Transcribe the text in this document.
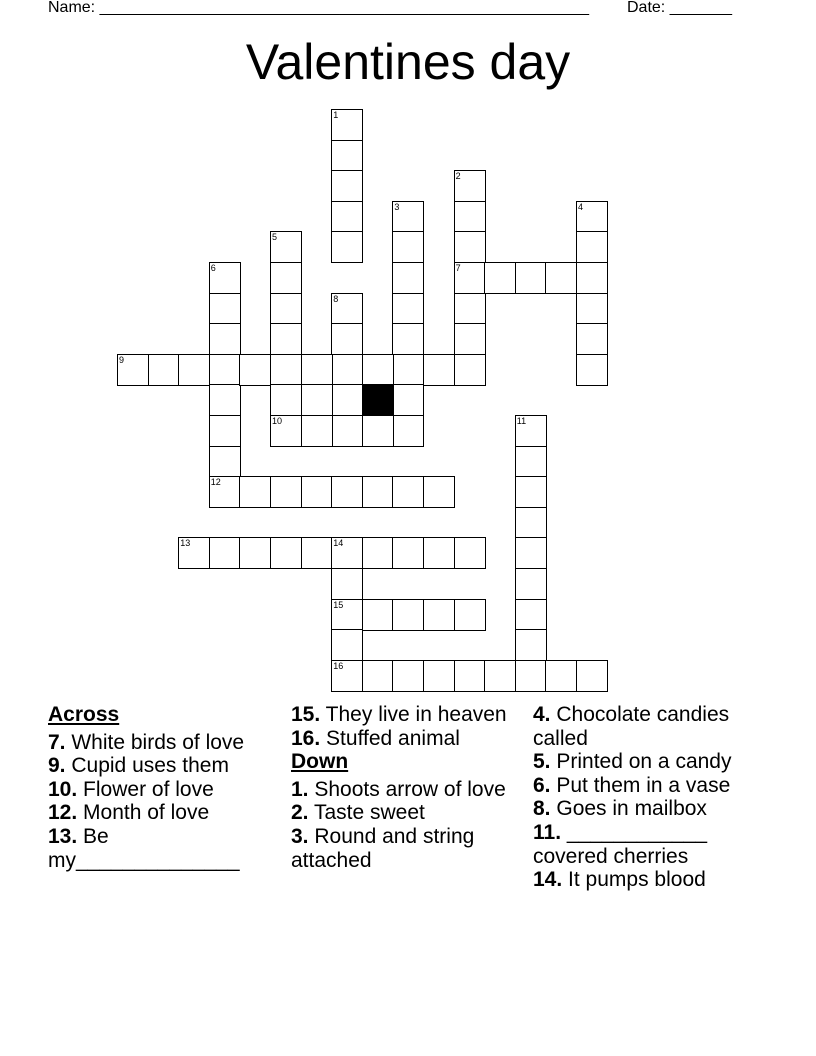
Name: _______________________________________________________ Date: _______
Valentines day
1
2
7
3	4
5
6
12
8
9
10	11
13	14
15
16
Across
7. White birds of love
9. Cupid uses them
10. Flower of love
12. Month of love
13. Be my______________
15. They live in heaven
16. Stuffed animal
Down
1. Shoots arrow of love
2. Taste sweet
3. Round and string attached
4. Chocolate candies called
5. Printed on a candy
6. Put them in a vase
8. Goes in mailbox
11. ____________ covered cherries
14. It pumps blood
